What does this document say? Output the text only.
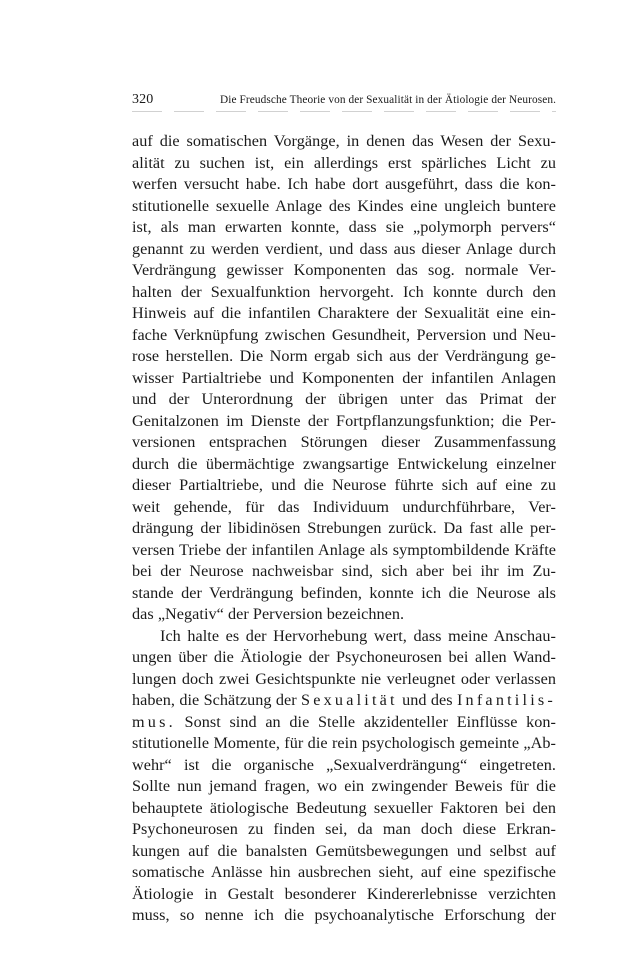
320	Die Freudsche Theorie von der Sexualität in der Ätiologie der Neurosen.
auf die somatischen Vorgänge, in denen das Wesen der Sexu-
alität zu suchen ist, ein allerdings erst spärliches Licht zu
werfen versucht habe. Ich habe dort ausgeführt, dass die kon-
stitutionelle sexuelle Anlage des Kindes eine ungleich buntere
ist, als man erwarten konnte, dass sie „polymorph pervers“
genannt zu werden verdient, und dass aus dieser Anlage durch
Verdrängung gewisser Komponenten das sog. normale Ver-
halten der Sexualfunktion hervorgeht. Ich konnte durch den
Hinweis auf die infantilen Charaktere der Sexualität eine ein-
fache Verknüpfung zwischen Gesundheit, Perversion und Neu-
rose herstellen. Die Norm ergab sich aus der Verdrängung ge-
wisser Partialtriebe und Komponenten der infantilen Anlagen
und der Unterordnung der übrigen unter das Primat der
Genitalzonen im Dienste der Fortpflanzungsfunktion; die Per-
versionen entsprachen Störungen dieser Zusammenfassung
durch die übermächtige zwangsartige Entwickelung einzelner
dieser Partialtriebe, und die Neurose führte sich auf eine zu
weit gehende, für das Individuum undurchführbare, Ver-
drängung der libidinösen Strebungen zurück. Da fast alle per-
versen Triebe der infantilen Anlage als symptombildende Kräfte
bei der Neurose nachweisbar sind, sich aber bei ihr im Zu-
stande der Verdrängung befinden, konnte ich die Neurose als
das „Negativ“ der Perversion bezeichnen.
Ich halte es der Hervorhebung wert, dass meine Anschau-
ungen über die Ätiologie der Psychoneurosen bei allen Wand-
lungen doch zwei Gesichtspunkte nie verleugnet oder verlassen
haben, die Schätzung der Sexualität und des Infantilis-
mus. Sonst sind an die Stelle akzidenteller Einflüsse kon-
stitutionelle Momente, für die rein psychologisch gemeinte „Ab-
wehr“ ist die organische „Sexualverdrängung“ eingetreten.
Sollte nun jemand fragen, wo ein zwingender Beweis für die
behauptete ätiologische Bedeutung sexueller Faktoren bei den
Psychoneurosen zu finden sei, da man doch diese Erkran-
kungen auf die banalsten Gemütsbewegungen und selbst auf
somatische Anlässe hin ausbrechen sieht, auf eine spezifische
Ätiologie in Gestalt besonderer Kindererlebnisse verzichten
muss, so nenne ich die psychoanalytische Erforschung der
